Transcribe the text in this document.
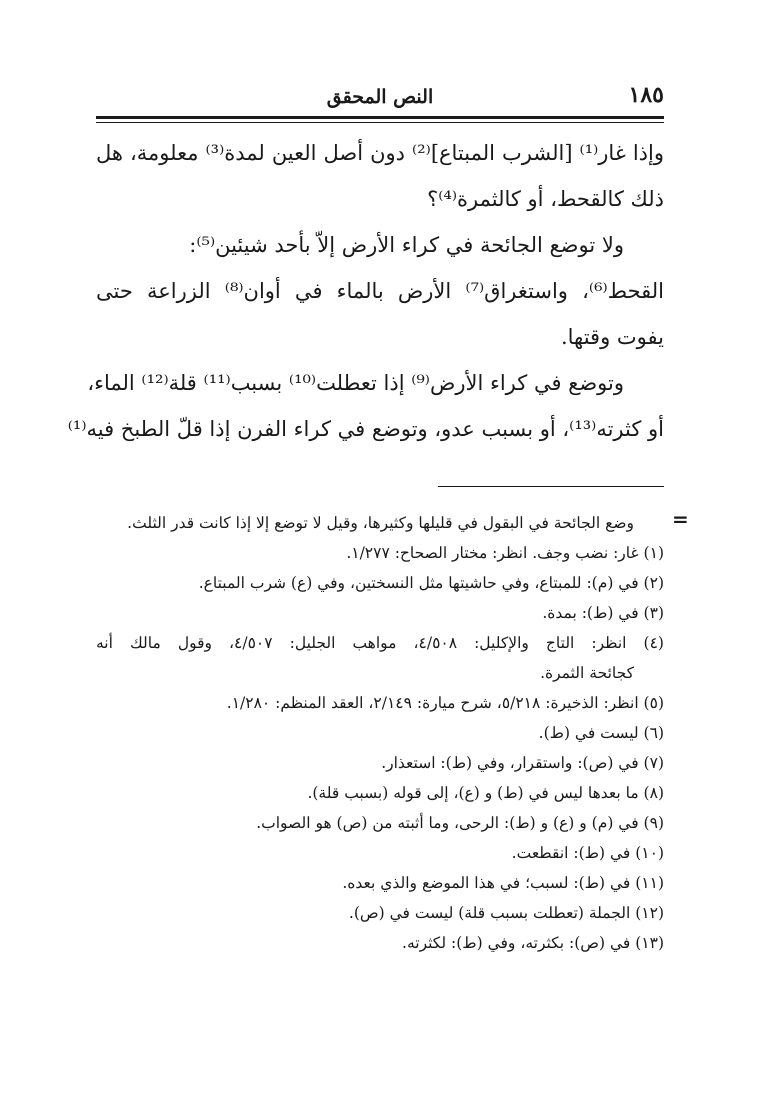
١٨٥
النص المحقق
وإذا غار⁽¹⁾ [الشرب المبتاع]⁽²⁾ دون أصل العين لمدة⁽³⁾ معلومة، هل
ذلك كالقحط، أو كالثمرة⁽⁴⁾؟
ولا توضع الجائحة في كراء الأرض إلاّ بأحد شيئين⁽⁵⁾:
القحط⁽⁶⁾، واستغراق⁽⁷⁾ الأرض بالماء في أوان⁽⁸⁾ الزراعة حتى
يفوت وقتها.
وتوضع في كراء الأرض⁽⁹⁾ إذا تعطلت⁽¹⁰⁾ بسبب⁽¹¹⁾ قلة⁽¹²⁾ الماء،
أو كثرته⁽¹³⁾، أو بسبب عدو، وتوضع في كراء الفرن إذا قلّ الطبخ فيه⁽¹⁾
=
وضع الجائحة في البقول في قليلها وكثيرها، وقيل لا توضع إلا إذا كانت قدر الثلث.
(١) غار: نضب وجف. انظر: مختار الصحاح: ١/٢٧٧.
(٢) في (م): للمبتاع، وفي حاشيتها مثل النسختين، وفي (ع) شرب المبتاع.
(٣) في (ط): بمدة.
(٤) انظر: التاج والإكليل: ٤/٥٠٨، مواهب الجليل: ٤/٥٠٧، وقول مالك أنه
كجائحة الثمرة.
(٥) انظر: الذخيرة: ٥/٢١٨، شرح ميارة: ٢/١٤٩، العقد المنظم: ١/٢٨٠.
(٦) ليست في (ط).
(٧) في (ص): واستقرار، وفي (ط): استعذار.
(٨) ما بعدها ليس في (ط) و (ع)، إلى قوله (بسبب قلة).
(٩) في (م) و (ع) و (ط): الرحى، وما أثبته من (ص) هو الصواب.
(١٠) في (ط): انقطعت.
(١١) في (ط): لسبب؛ في هذا الموضع والذي بعده.
(١٢) الجملة (تعطلت بسبب قلة) ليست في (ص).
(١٣) في (ص): بكثرته، وفي (ط): لكثرته.
